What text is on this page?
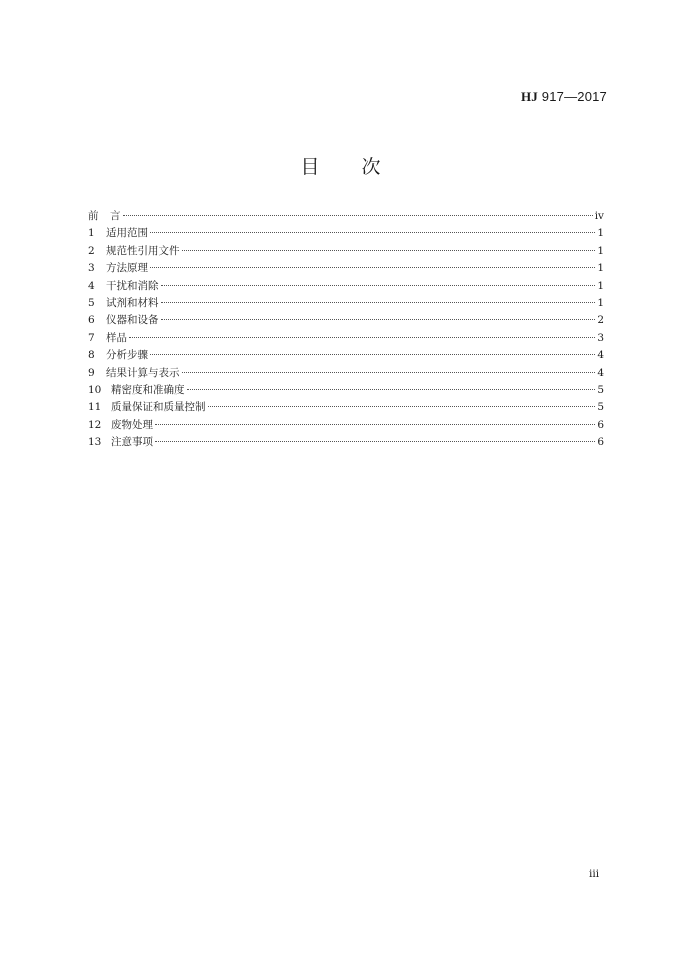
HJ 917—2017
目 次
前	言	iv
1	适用范围	1
2	规范性引用文件	1
3	方法原理	1
4	干扰和消除	1
5	试剂和材料	1
6	仪器和设备	2
7	样品	3
8	分析步骤	4
9	结果计算与表示	4
10 精密度和准确度	5
11 质量保证和质量控制	5
12 废物处理	6
13 注意事项	6
iii
